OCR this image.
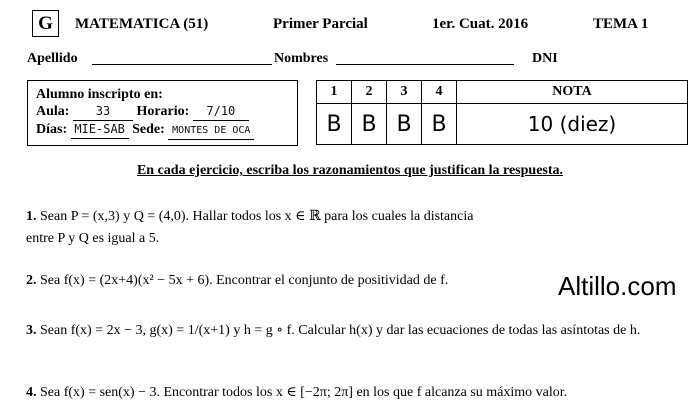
G	MATEMATICA (51)	Primer Parcial	1er. Cuat. 2016	TEMA 1
Apellido	Nombres	DNI
Alumno inscripto en:
Aula: 33 Horario: 7/10
Días: MIE-SAB Sede: MONTES DE OCA
1	2	3	4	NOTA
B	B	B	B	10 (diez)
En cada ejercicio, escriba los razonamientos que justifican la respuesta.
1. Sean P = (x,3) y Q = (4,0). Hallar todos los x ∈ ℝ para los cuales la distancia entre P y Q es igual a 5.
2. Sea f(x) = (2x+4)(x² − 5x + 6). Encontrar el conjunto de positividad de f.
3. Sean f(x) = 2x − 3, g(x) = 1/(x+1) y h = g ∘ f. Calcular h(x) y dar las ecuaciones de todas las asíntotas de h.
4. Sea f(x) = sen(x) − 3. Encontrar todos los x ∈ [−2π; 2π] en los que f alcanza su máximo valor.
Altillo.com
